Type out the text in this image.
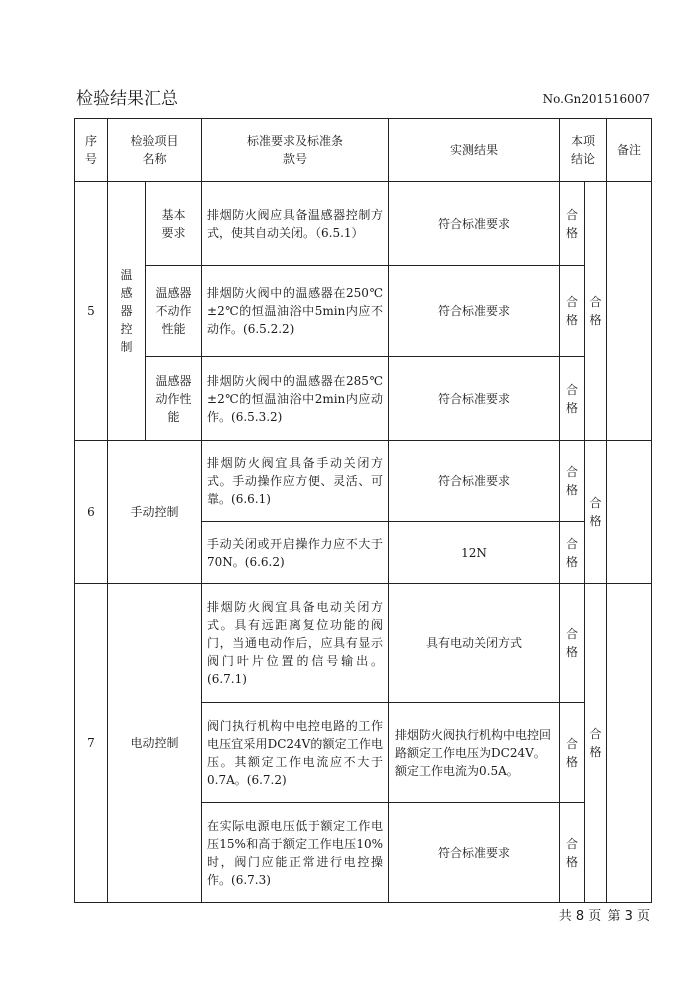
检验结果汇总	No.Gn201516007
序号	检验项目名称		标准要求及标准条款号	实测结果	本项结论		备注
5	温感器控制	基本要求	排烟防火阀应具备温感器控制方式，使其自动关闭。（6.5.1）	符合标准要求	合格	合格	
		温感器不动作性能	排烟防火阀中的温感器在250℃±2℃的恒温油浴中5min内应不动作。(6.5.2.2)	符合标准要求	合格		
		温感器动作性能	排烟防火阀中的温感器在285℃±2℃的恒温油浴中2min内应动作。(6.5.3.2)	符合标准要求	合格		
6	手动控制		排烟防火阀宜具备手动关闭方式。手动操作应方便、灵活、可靠。(6.6.1)	符合标准要求	合格	合格	
			手动关闭或开启操作力应不大于70N。(6.6.2)	12N	合格		
7	电动控制		排烟防火阀宜具备电动关闭方式。具有远距离复位功能的阀门，当通电动作后，应具有显示阀门叶片位置的信号输出。(6.7.1)	具有电动关闭方式	合格	合格	
			阀门执行机构中电控电路的工作电压宜采用DC24V的额定工作电压。其额定工作电流应不大于0.7A。(6.7.2)	排烟防火阀执行机构中电控回路额定工作电压为DC24V。额定工作电流为0.5A。	合格		
			在实际电源电压低于额定工作电压15%和高于额定工作电压10%时，阀门应能正常进行电控操作。(6.7.3)	符合标准要求	合格		
共 8 页 第 3 页
